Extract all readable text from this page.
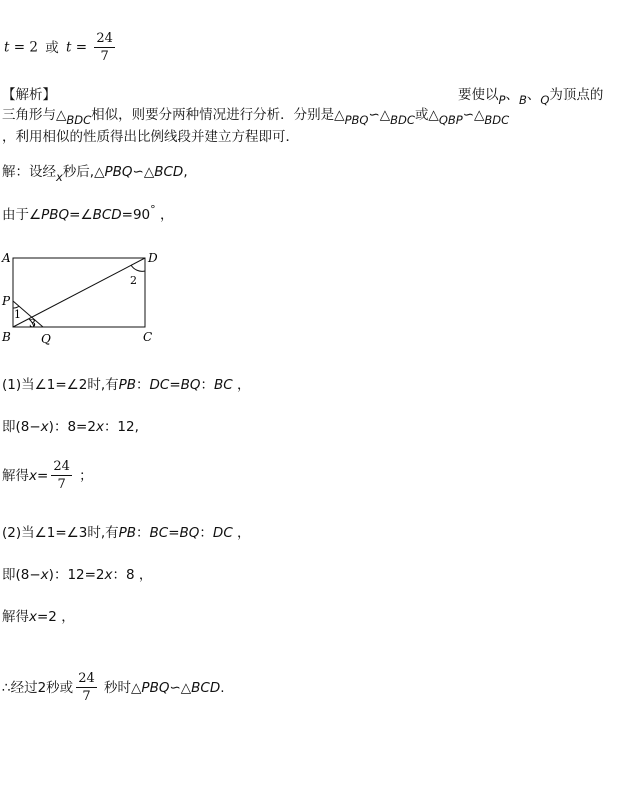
t = 2 或 $t = \frac{24}{7}$
【解析】	要使以P、B、Q为顶点的
三角形与△BDC相似，则要分两种情况进行分析．分别是△PBQ∽△BDC或△QBP∽△BDC
，利用相似的性质得出比例线段并建立方程即可．
解：设经x秒后,△PBQ∽△BCD,
由于∠PBQ=∠BCD=90° ，
A	D
P
B	Q	C
1
2
3
(1)当∠1=∠2时,有PB：DC=BQ：BC ，
即(8−x)：8=2x：12,
解得$x= \frac{24}{7}$ ；
(2)当∠1=∠3时,有PB：BC=BQ：DC ，
即(8−x)：12=2x：8 ，
解得x=2 ，
∴经过2秒或 $\frac{24}{7}$ 秒时△PBQ∽△BCD.
